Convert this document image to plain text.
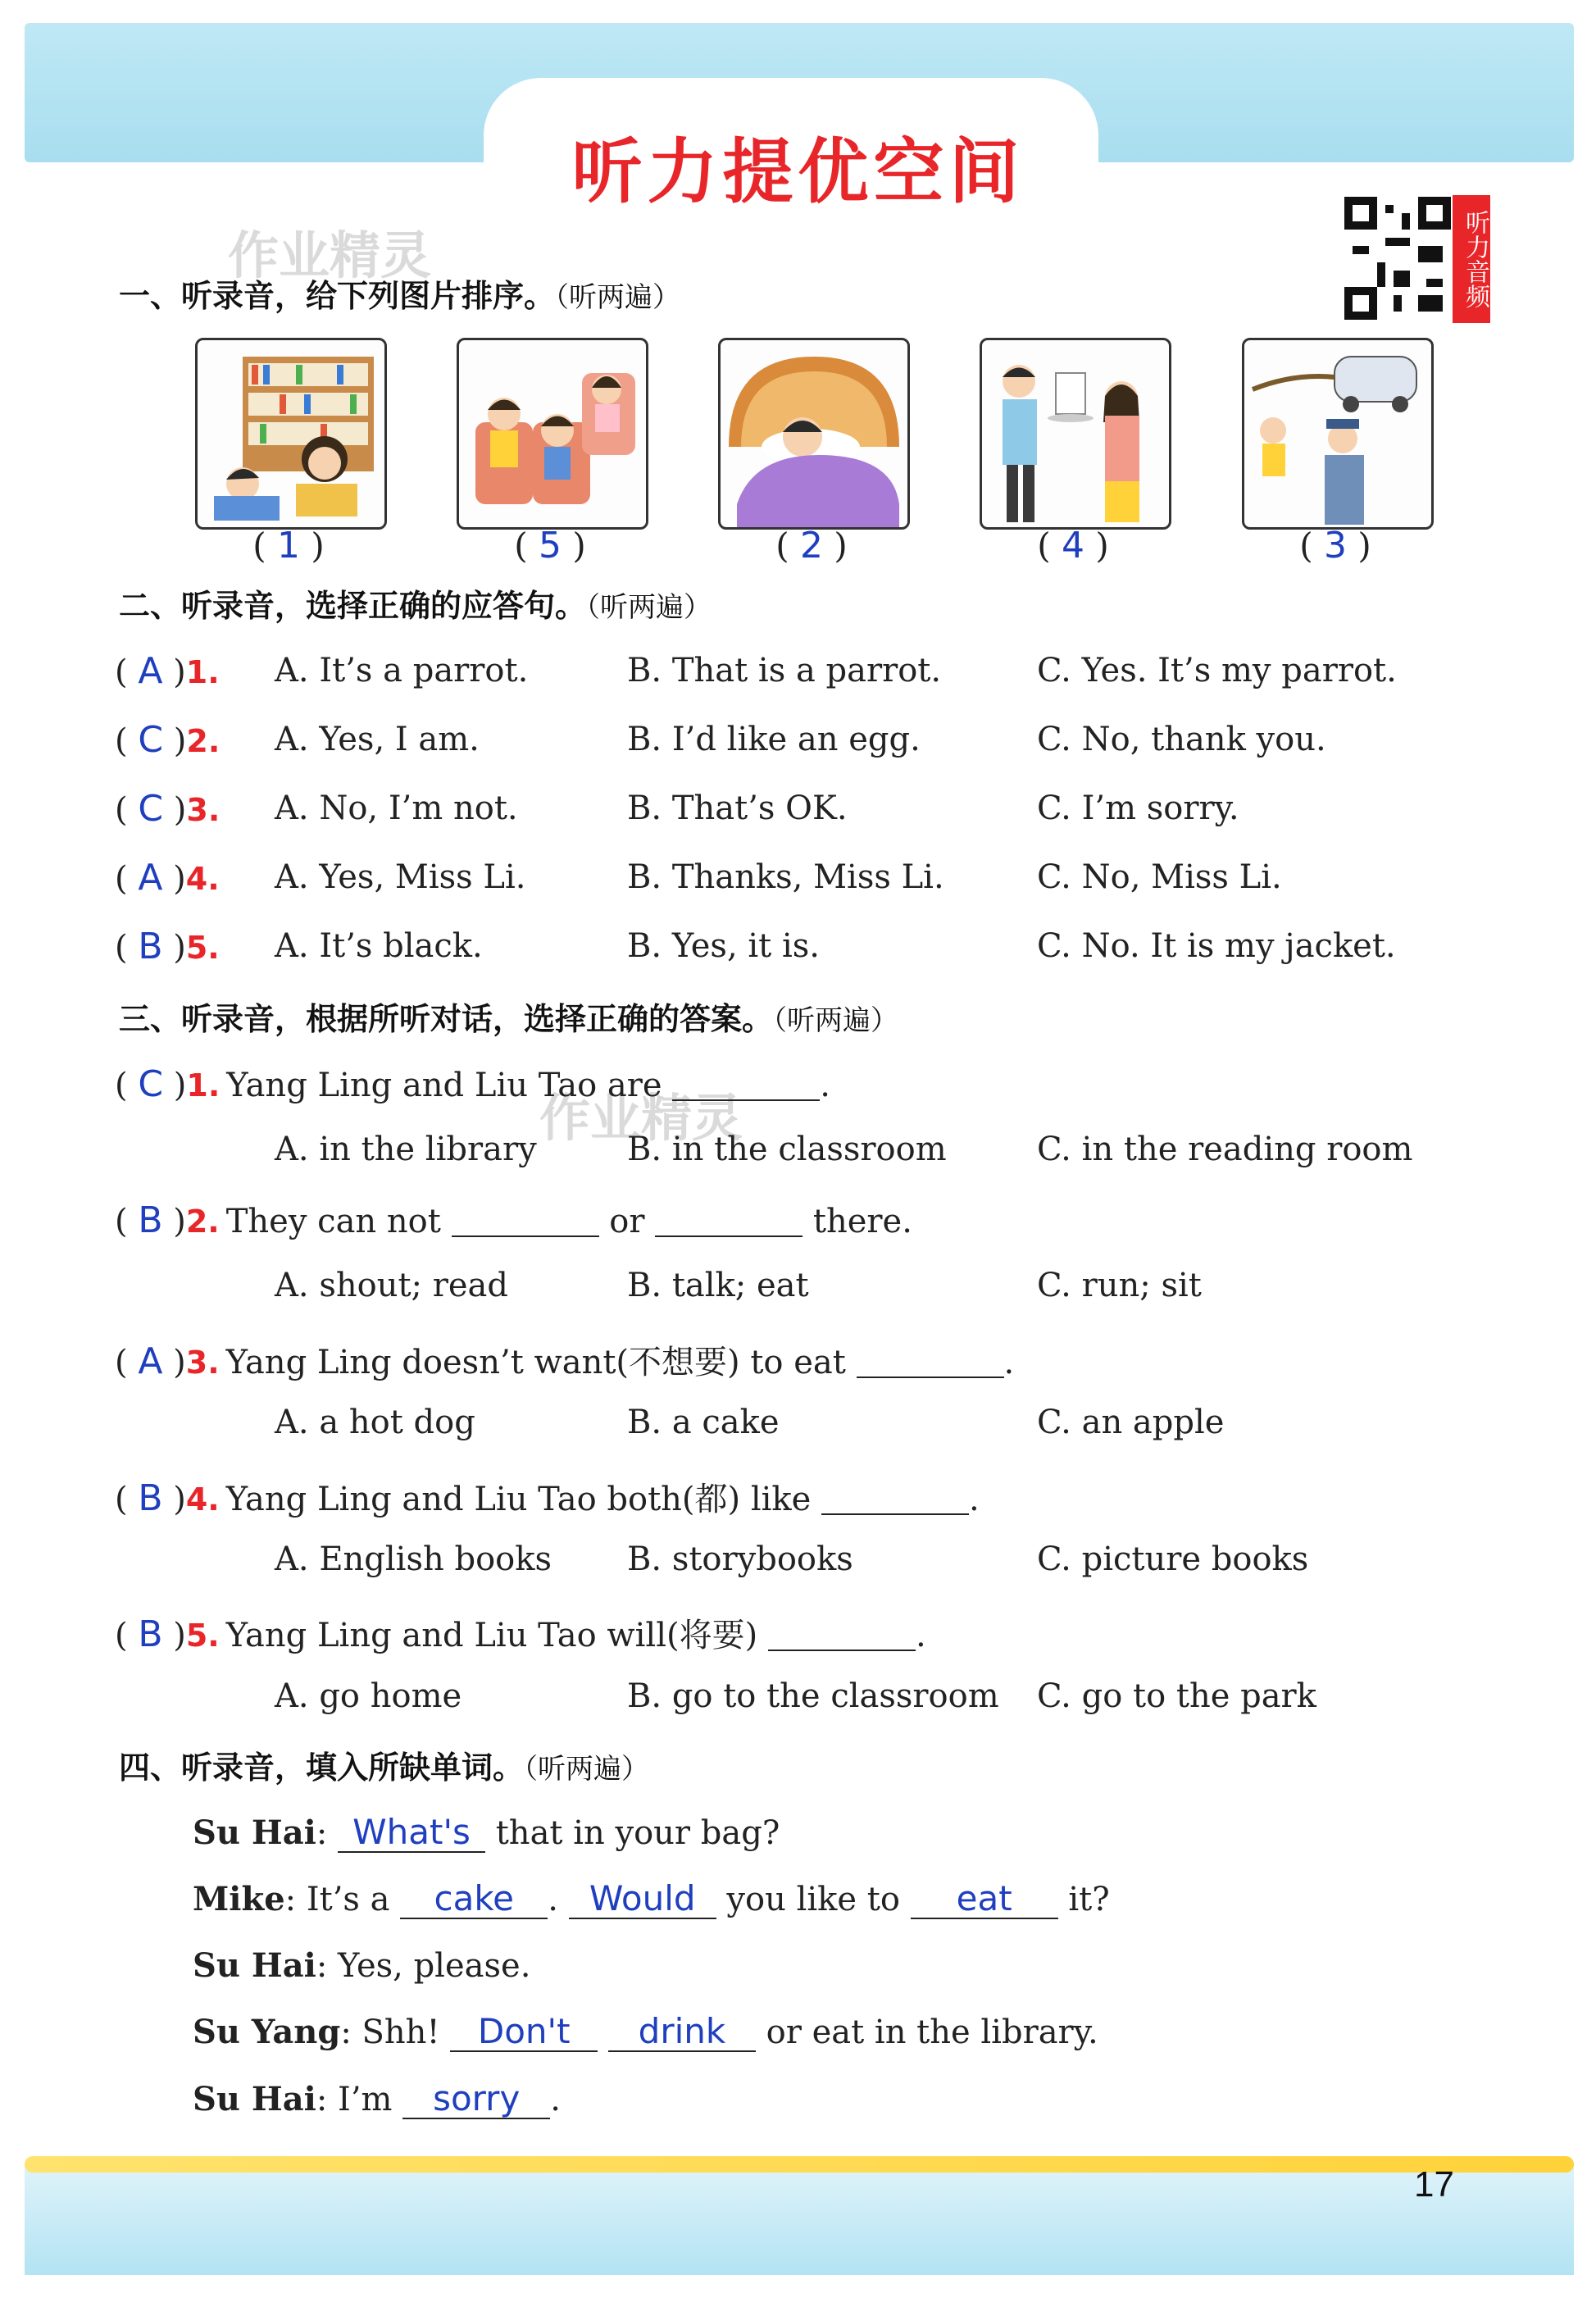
听力提优空间
听力音频
作业精灵
作业精灵
一、听录音，给下列图片排序。（听两遍）
( 1 )	( 5 )	( 2 )	( 4 )	( 3 )
二、听录音，选择正确的应答句。（听两遍）
( A )1. A. It’s a parrot.	B. That is a parrot.	C. Yes. It’s my parrot.
( C )2. A. Yes, I am.	B. I’d like an egg.	C. No, thank you.
( C )3. A. No, I’m not.	B. That’s OK.	C. I’m sorry.
( A )4. A. Yes, Miss Li.	B. Thanks, Miss Li.	C. No, Miss Li.
( B )5. A. It’s black.	B. Yes, it is.	C. No. It is my jacket.
三、听录音，根据所听对话，选择正确的答案。（听两遍）
( C )1. Yang Ling and Liu Tao are	.
A. in the library	B. in the classroom	C. in the reading room
( B )2. They can not	or	there.
A. shout; read	B. talk; eat	C. run; sit
( A )3. Yang Ling doesn’t want(不想要) to eat	.
A. a hot dog	B. a cake	C. an apple
( B )4. Yang Ling and Liu Tao both(都) like	.
A. English books B. storybooks	C. picture books
( B )5. Yang Ling and Liu Tao will(将要)	.
A. go home	B. go to the classroom C. go to the park
四、听录音，填入所缺单词。（听两遍）
Su Hai: What's that in your bag?
Mike: It’s a cake . Would you like to eat it?
Su Hai: Yes, please.
Su Yang: Shh! Don't drink or eat in the library.
Su Hai: I’m sorry .
17
